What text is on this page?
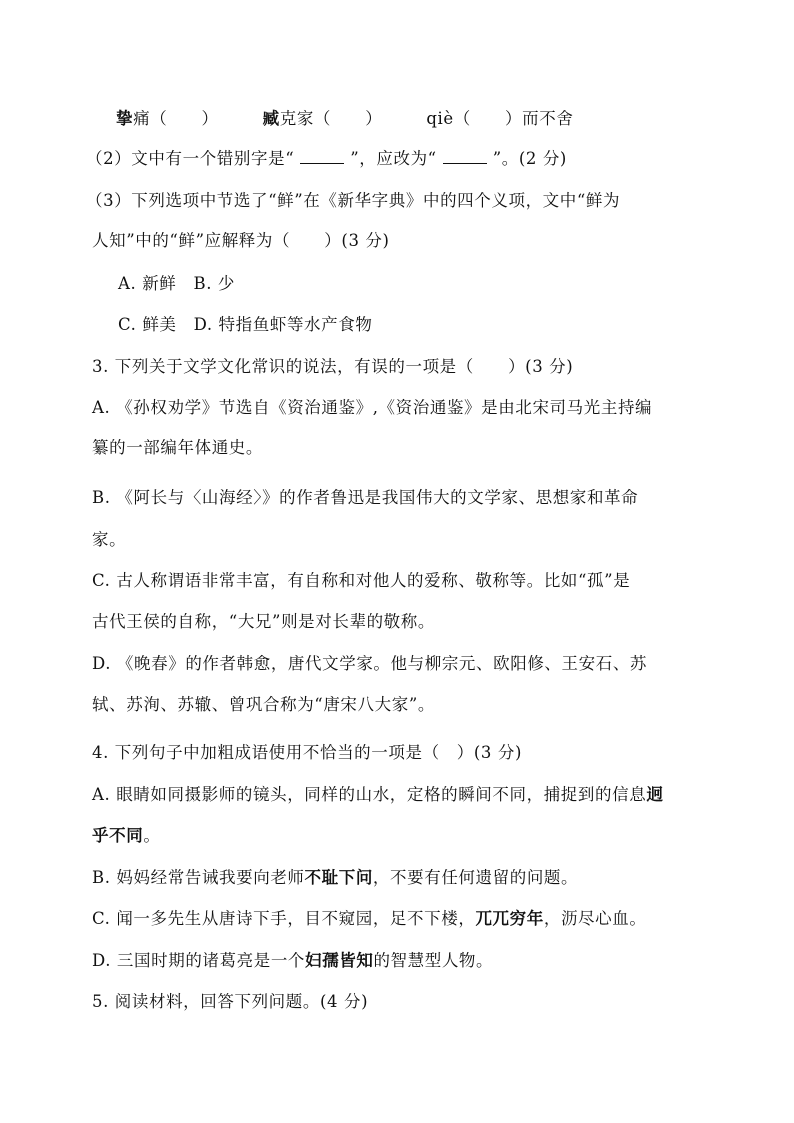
挚痛（　　）	臧克家（　　）	qiè（　　）而不舍
（2）文中有一个错别字是“	”，应改为“	”。(2 分)
（3）下列选项中节选了“鲜”在《新华字典》中的四个义项，文中“鲜为
人知”中的“鲜”应解释为（　　）(3 分)
A. 新鲜　B. 少
C. 鲜美　D. 特指鱼虾等水产食物
3. 下列关于文学文化常识的说法，有误的一项是（　　）(3 分)
A. 《孙权劝学》节选自《资治通鉴》,《资治通鉴》是由北宋司马光主持编
纂的一部编年体通史。
B. 《阿长与〈山海经〉》的作者鲁迅是我国伟大的文学家、思想家和革命
家。
C. 古人称谓语非常丰富，有自称和对他人的爱称、敬称等。比如“孤”是
古代王侯的自称，“大兄”则是对长辈的敬称。
D. 《晚春》的作者韩愈，唐代文学家。他与柳宗元、欧阳修、王安石、苏
轼、苏洵、苏辙、曾巩合称为“唐宋八大家”。
4. 下列句子中加粗成语使用不恰当的一项是（　）(3 分)
A. 眼睛如同摄影师的镜头，同样的山水，定格的瞬间不同，捕捉到的信息迥
乎不同。
B. 妈妈经常告诫我要向老师不耻下问，不要有任何遗留的问题。
C. 闻一多先生从唐诗下手，目不窥园，足不下楼，兀兀穷年，沥尽心血。
D. 三国时期的诸葛亮是一个妇孺皆知的智慧型人物。
5. 阅读材料，回答下列问题。(4 分)
